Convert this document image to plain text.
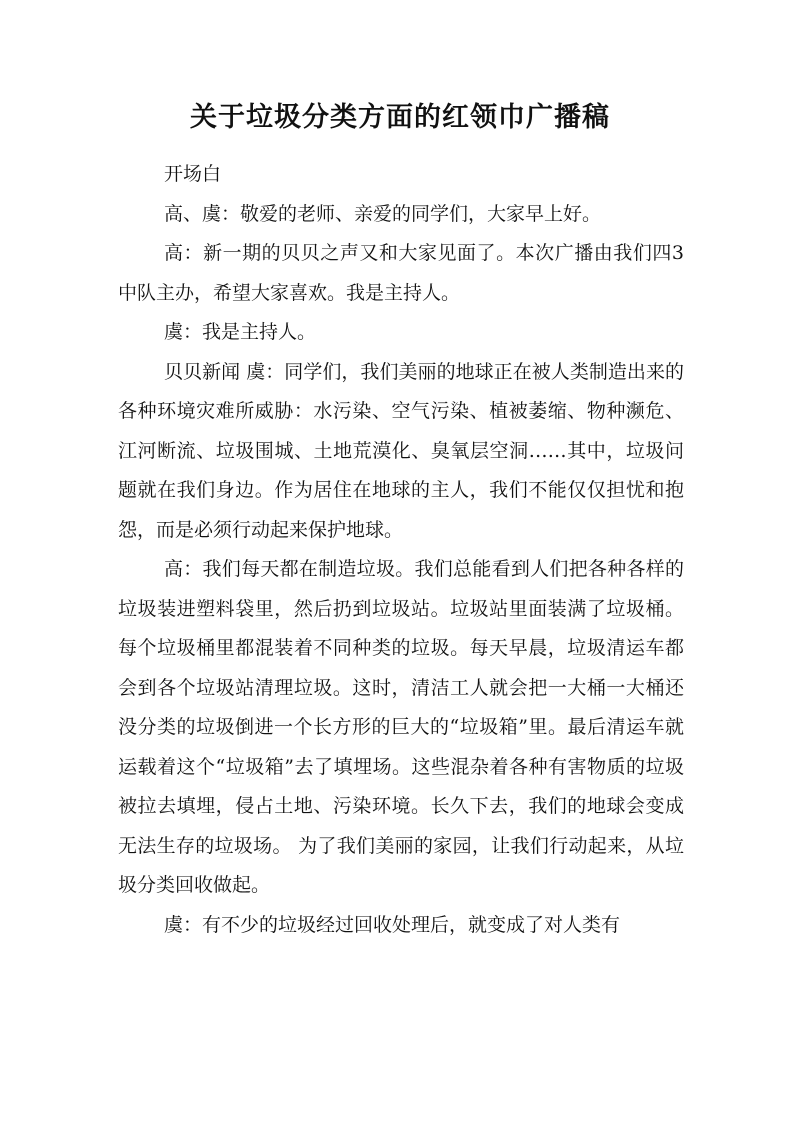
关于垃圾分类方面的红领巾广播稿

开场白

高、虞：敬爱的老师、亲爱的同学们，大家早上好。

高：新一期的贝贝之声又和大家见面了。本次广播由我们四3中队主办，希望大家喜欢。我是主持人。

虞：我是主持人。

贝贝新闻 虞：同学们，我们美丽的地球正在被人类制造出来的各种环境灾难所威胁：水污染、空气污染、植被萎缩、物种濒危、江河断流、垃圾围城、土地荒漠化、臭氧层空洞……其中，垃圾问题就在我们身边。作为居住在地球的主人，我们不能仅仅担忧和抱怨，而是必须行动起来保护地球。

高：我们每天都在制造垃圾。我们总能看到人们把各种各样的垃圾装进塑料袋里，然后扔到垃圾站。垃圾站里面装满了垃圾桶。每个垃圾桶里都混装着不同种类的垃圾。每天早晨，垃圾清运车都会到各个垃圾站清理垃圾。这时，清洁工人就会把一大桶一大桶还没分类的垃圾倒进一个长方形的巨大的“垃圾箱”里。最后清运车就运载着这个“垃圾箱”去了填埋场。这些混杂着各种有害物质的垃圾被拉去填埋，侵占土地、污染环境。长久下去，我们的地球会变成无法生存的垃圾场。 为了我们美丽的家园，让我们行动起来，从垃圾分类回收做起。

虞：有不少的垃圾经过回收处理后，就变成了对人类有
